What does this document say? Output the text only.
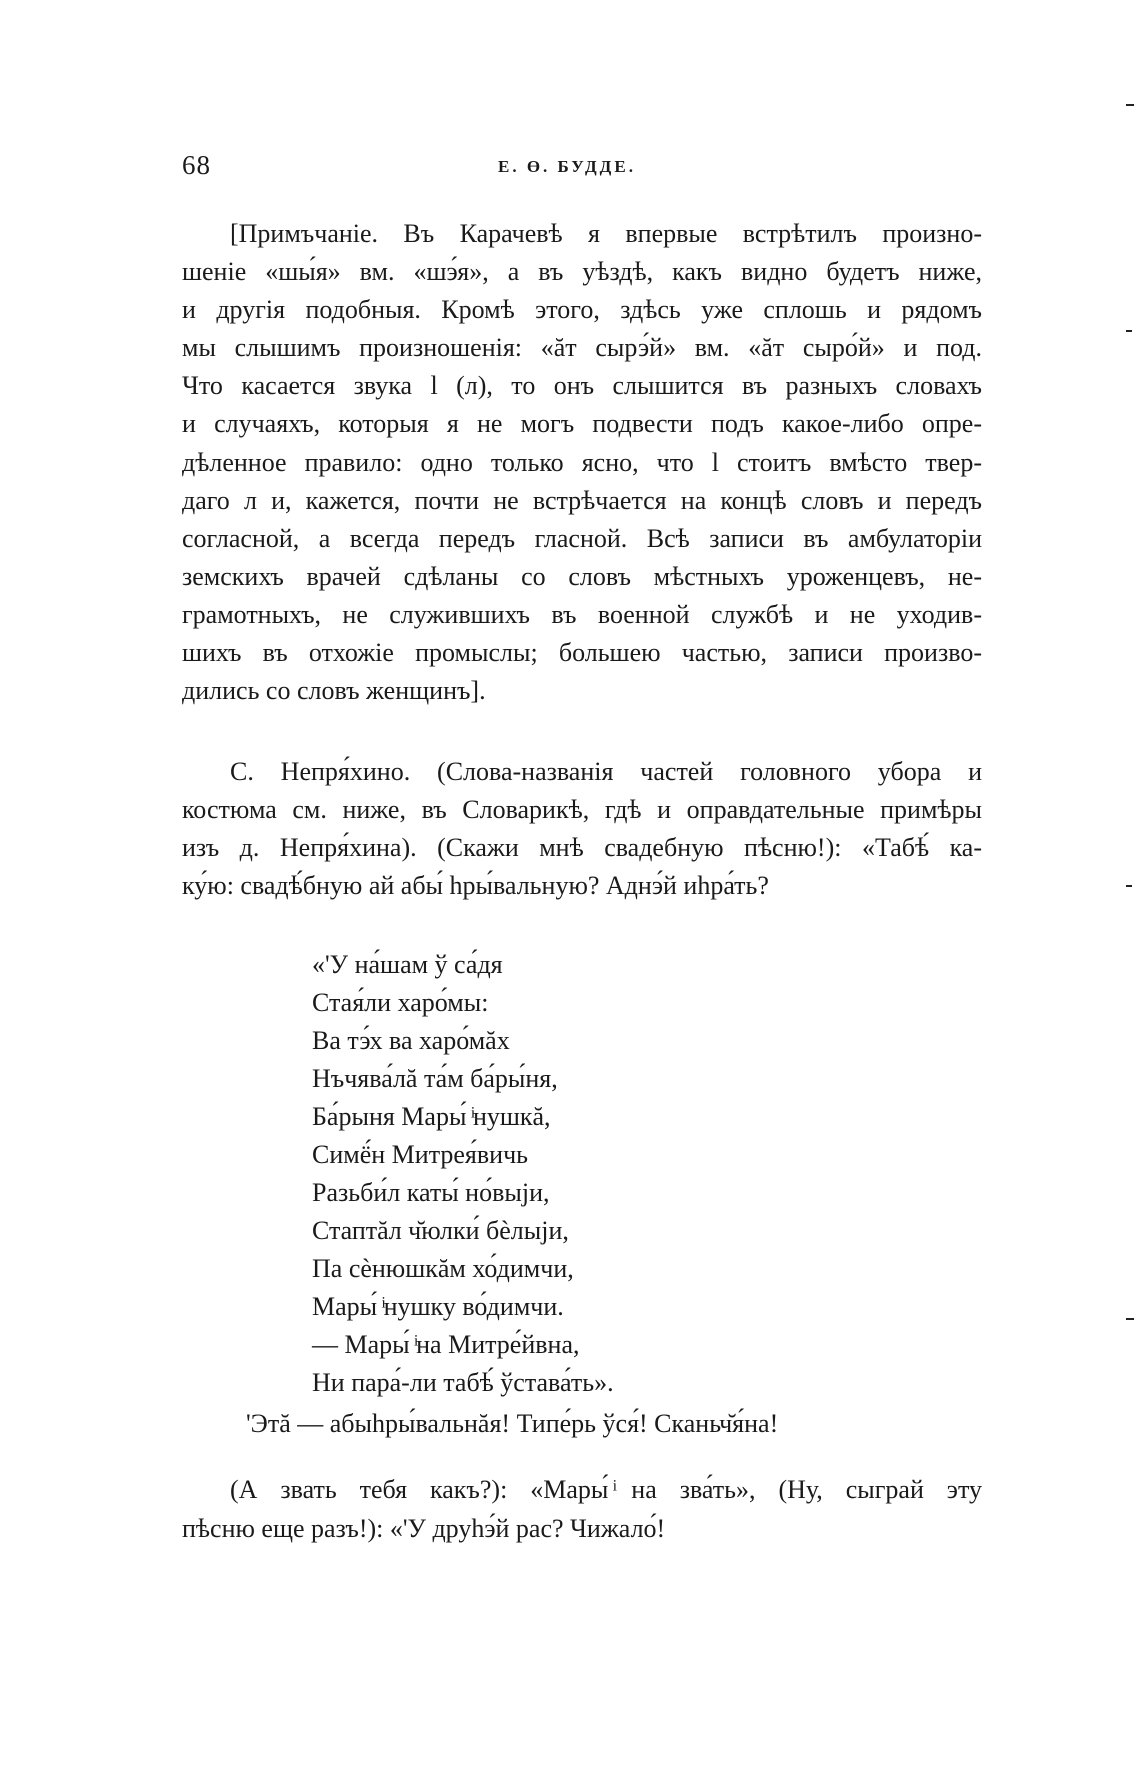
68	Е. Ө. БУДДЕ.
[Примъчаніе. Въ Карачевѣ я впервые встрѣтилъ произно-
шеніе «шы́я» вм. «шэ́я», а въ уѣздѣ, какъ видно будетъ ниже,
и другія подобныя. Кромѣ этого, здѣсь уже сплошь и рядомъ
мы слышимъ произношенія: «ăт сырэ́й» вм. «ăт сыро́й» и под.
Что касается звука l (л), то онъ слышится въ разныхъ словахъ
и случаяхъ, которыя я не могъ подвести подъ какое-либо опре-
дѣленное правило: одно только ясно, что l стоитъ вмѣсто твер-
даго л и, кажется, почти не встрѣчается на концѣ словъ и передъ
согласной, а всегда передъ гласной. Всѣ записи въ амбулаторіи
земскихъ врачей сдѣланы со словъ мѣстныхъ уроженцевъ, не-
грамотныхъ, не служившихъ въ военной службѣ и не уходив-
шихъ въ отхожіе промыслы; большею частью, записи произво-
дились со словъ женщинъ].
С. Непря́хино. (Слова-названія частей головного убора и
костюма см. ниже, въ Словарикѣ, гдѣ и оправдательные примѣры
изъ д. Непря́хина). (Скажи мнѣ свадебную пѣсню!): «Табѣ́ ка-
ку́ю: свадѣ́бную ай абы́ һры́вальную? Аднэ́й иһра́ть?
«'У на́шам ў са́дя
Стая́ли харо́мы:
Ва тэ́х ва харо́мăх
Нъчява́лă та́м ба́ры́ня,
Ба́рыня Мары́ ͥнушкă,
Симё́н Митрея́вичь
Разьби́л каты́ но́выји,
Стаптăл ч̆юлки́ бѐлыји,
Па сѐнюшкăм хо́димчи,
Мары́ ͥнушку во́димчи.
— Мары́ ͥна Митре́йвна,
Ни пара́-ли табѣ́ ўстава́ть».
'Этă — абыһры́вальнăя! Типе́рь ўся́! Сканьч̆я́на!
(А звать тебя какъ?): «Мары́ ͥна зва́ть», (Ну, сыграй эту
пѣсню еще разъ!): «'У друһэ́й рас? Чижало́!
